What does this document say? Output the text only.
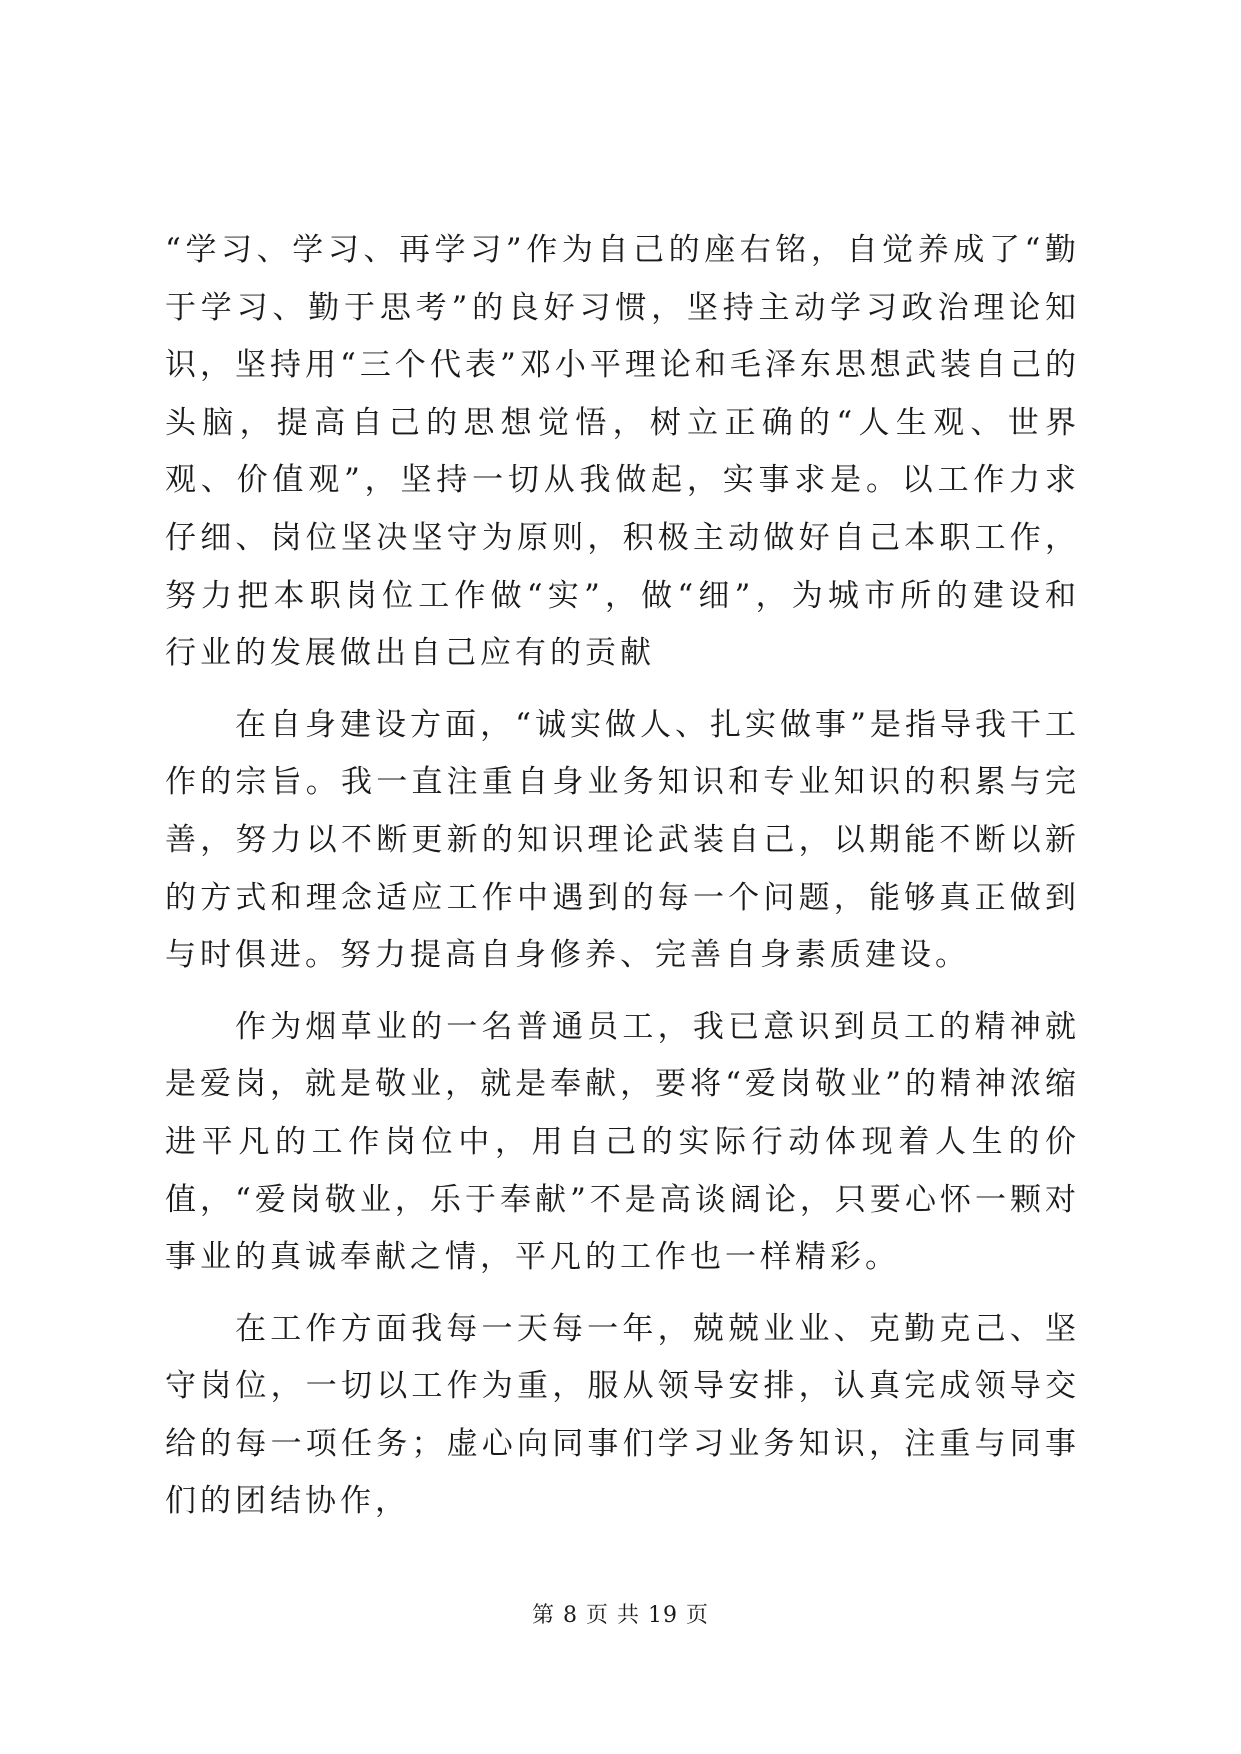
“学习、学习、再学习”作为自己的座右铭，自觉养成了“勤于学习、勤于思考”的良好习惯，坚持主动学习政治理论知识，坚持用“三个代表”邓小平理论和毛泽东思想武装自己的头脑，提高自己的思想觉悟，树立正确的“人生观、世界观、价值观”，坚持一切从我做起，实事求是。以工作力求仔细、岗位坚决坚守为原则，积极主动做好自己本职工作，努力把本职岗位工作做“实”，做“细”，为城市所的建设和行业的发展做出自己应有的贡献

在自身建设方面，“诚实做人、扎实做事”是指导我干工作的宗旨。我一直注重自身业务知识和专业知识的积累与完善，努力以不断更新的知识理论武装自己，以期能不断以新的方式和理念适应工作中遇到的每一个问题，能够真正做到与时俱进。努力提高自身修养、完善自身素质建设。

作为烟草业的一名普通员工，我已意识到员工的精神就是爱岗，就是敬业，就是奉献，要将“爱岗敬业”的精神浓缩进平凡的工作岗位中，用自己的实际行动体现着人生的价值，“爱岗敬业，乐于奉献”不是高谈阔论，只要心怀一颗对事业的真诚奉献之情，平凡的工作也一样精彩。

在工作方面我每一天每一年，兢兢业业、克勤克己、坚守岗位，一切以工作为重，服从领导安排，认真完成领导交给的每一项任务；虚心向同事们学习业务知识，注重与同事们的团结协作，

第 8 页 共 19 页
